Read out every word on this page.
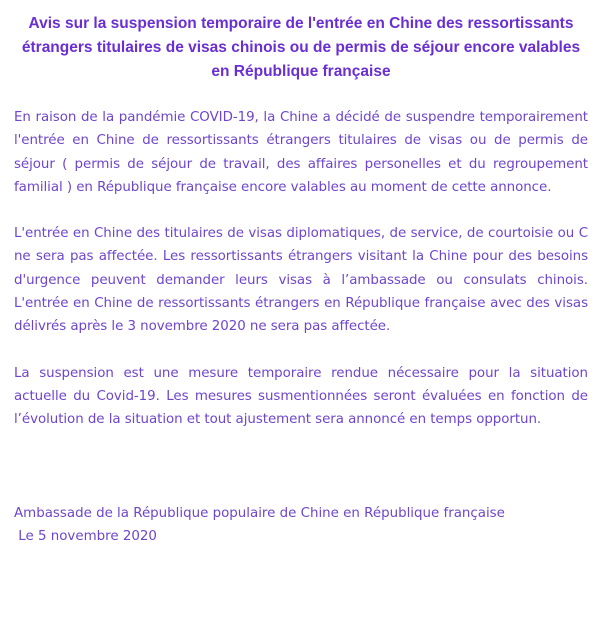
Avis sur la suspension temporaire de l'entrée en Chine des ressortissants étrangers titulaires de visas chinois ou de permis de séjour encore valables en République française

En raison de la pandémie COVID-19, la Chine a décidé de suspendre temporairement l'entrée en Chine de ressortissants étrangers titulaires de visas ou de permis de séjour ( permis de séjour de travail, des affaires personelles et du regroupement familial ) en République française encore valables au moment de cette annonce.

L'entrée en Chine des titulaires de visas diplomatiques, de service, de courtoisie ou C ne sera pas affectée. Les ressortissants étrangers visitant la Chine pour des besoins d'urgence peuvent demander leurs visas à l’ambassade ou consulats chinois. L'entrée en Chine de ressortissants étrangers en République française avec des visas délivrés après le 3 novembre 2020 ne sera pas affectée.

La suspension est une mesure temporaire rendue nécessaire pour la situation actuelle du Covid-19. Les mesures susmentionnées seront évaluées en fonction de l’évolution de la situation et tout ajustement sera annoncé en temps opportun.

Ambassade de la République populaire de Chine en République française
Le 5 novembre 2020
